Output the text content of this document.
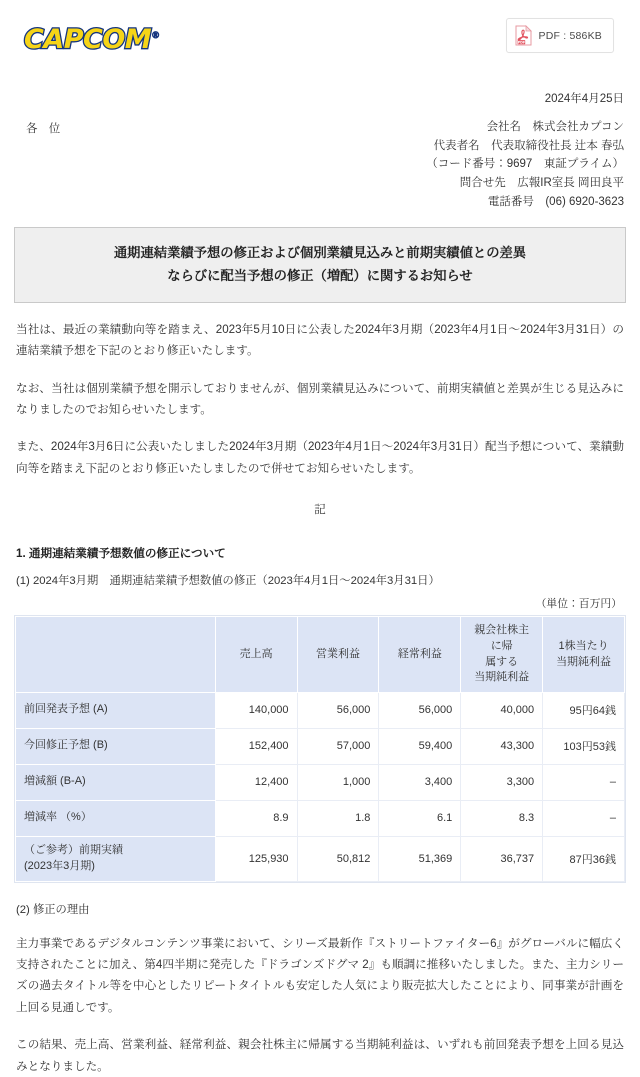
CAPCOM®
PDF
PDF : 586KB
2024年4月25日
各 位	会社名　株式会社カプコン
代表者名　代表取締役社長 辻本 春弘
（コード番号：9697　東証プライム）
問合せ先　広報IR室長 岡田良平
電話番号　(06) 6920-3623
通期連結業績予想の修正および個別業績見込みと前期実績値との差異
ならびに配当予想の修正（増配）に関するお知らせ

当社は、最近の業績動向等を踏まえ、2023年5月10日に公表した2024年3月期（2023年4月1日～2024年3月31日）の連結業績予想を下記のとおり修正いたします。

なお、当社は個別業績予想を開示しておりませんが、個別業績見込みについて、前期実績値と差異が生じる見込みになりましたのでお知らせいたします。

また、2024年3月6日に公表いたしました2024年3月期（2023年4月1日～2024年3月31日）配当予想について、業績動向等を踏まえ下記のとおり修正いたしましたので併せてお知らせいたします。

記
1. 通期連結業績予想数値の修正について
(1) 2024年3月期　通期連結業績予想数値の修正（2023年4月1日～2024年3月31日）
（単位：百万円）
	売上高	営業利益	経常利益	親会社株主に帰
属する
当期純利益	1株当たり
当期純利益
前回発表予想 (A)	140,000	56,000	56,000	40,000	95円64銭
今回修正予想 (B)	152,400	57,000	59,400	43,300	103円53銭
増減額 (B-A)	12,400	1,000	3,400	3,300	–
増減率 （%）	8.9	1.8	6.1	8.3	–
（ご参考）前期実績
(2023年3月期)	125,930	50,812	51,369	36,737	87円36銭
(2) 修正の理由

主力事業であるデジタルコンテンツ事業において、シリーズ最新作『ストリートファイター6』がグローバルに幅広く支持されたことに加え、第4四半期に発売した『ドラゴンズドグマ 2』も順調に推移いたしました。また、主力シリーズの過去タイトル等を中心としたリピートタイトルも安定した人気により販売拡大したことにより、同事業が計画を上回る見通しです。

この結果、売上高、営業利益、経常利益、親会社株主に帰属する当期純利益は、いずれも前回発表予想を上回る見込みとなりました。
